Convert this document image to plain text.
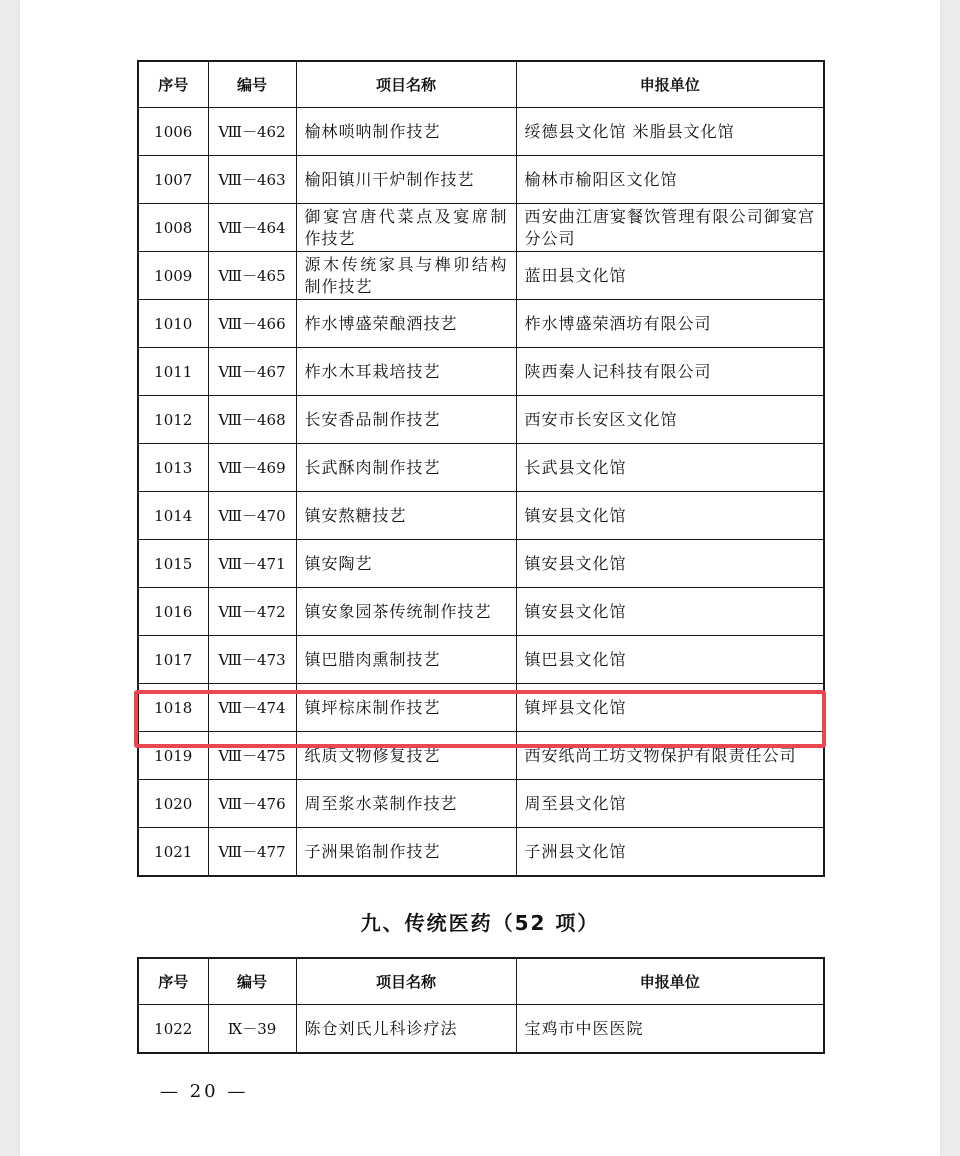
序号	编号	项目名称	申报单位
1006	Ⅷ－462	榆林唢呐制作技艺	绥德县文化馆 米脂县文化馆
1007	Ⅷ－463	榆阳镇川干炉制作技艺	榆林市榆阳区文化馆
1008	Ⅷ－464	御宴宫唐代菜点及宴席制作技艺	西安曲江唐宴餐饮管理有限公司御宴宫分公司
1009	Ⅷ－465	源木传统家具与榫卯结构制作技艺	蓝田县文化馆
1010	Ⅷ－466	柞水博盛荣酿酒技艺	柞水博盛荣酒坊有限公司
1011	Ⅷ－467	柞水木耳栽培技艺	陕西秦人记科技有限公司
1012	Ⅷ－468	长安香品制作技艺	西安市长安区文化馆
1013	Ⅷ－469	长武酥肉制作技艺	长武县文化馆
1014	Ⅷ－470	镇安熬糖技艺	镇安县文化馆
1015	Ⅷ－471	镇安陶艺	镇安县文化馆
1016	Ⅷ－472	镇安象园茶传统制作技艺	镇安县文化馆
1017	Ⅷ－473	镇巴腊肉熏制技艺	镇巴县文化馆
1018	Ⅷ－474	镇坪棕床制作技艺	镇坪县文化馆
1019	Ⅷ－475	纸质文物修复技艺	西安纸尚工坊文物保护有限责任公司
1020	Ⅷ－476	周至浆水菜制作技艺	周至县文化馆
1021	Ⅷ－477	子洲果馅制作技艺	子洲县文化馆
九、传统医药（52 项）
序号	编号	项目名称	申报单位
1022	Ⅸ－39	陈仓刘氏儿科诊疗法	宝鸡市中医医院
— 20 —
